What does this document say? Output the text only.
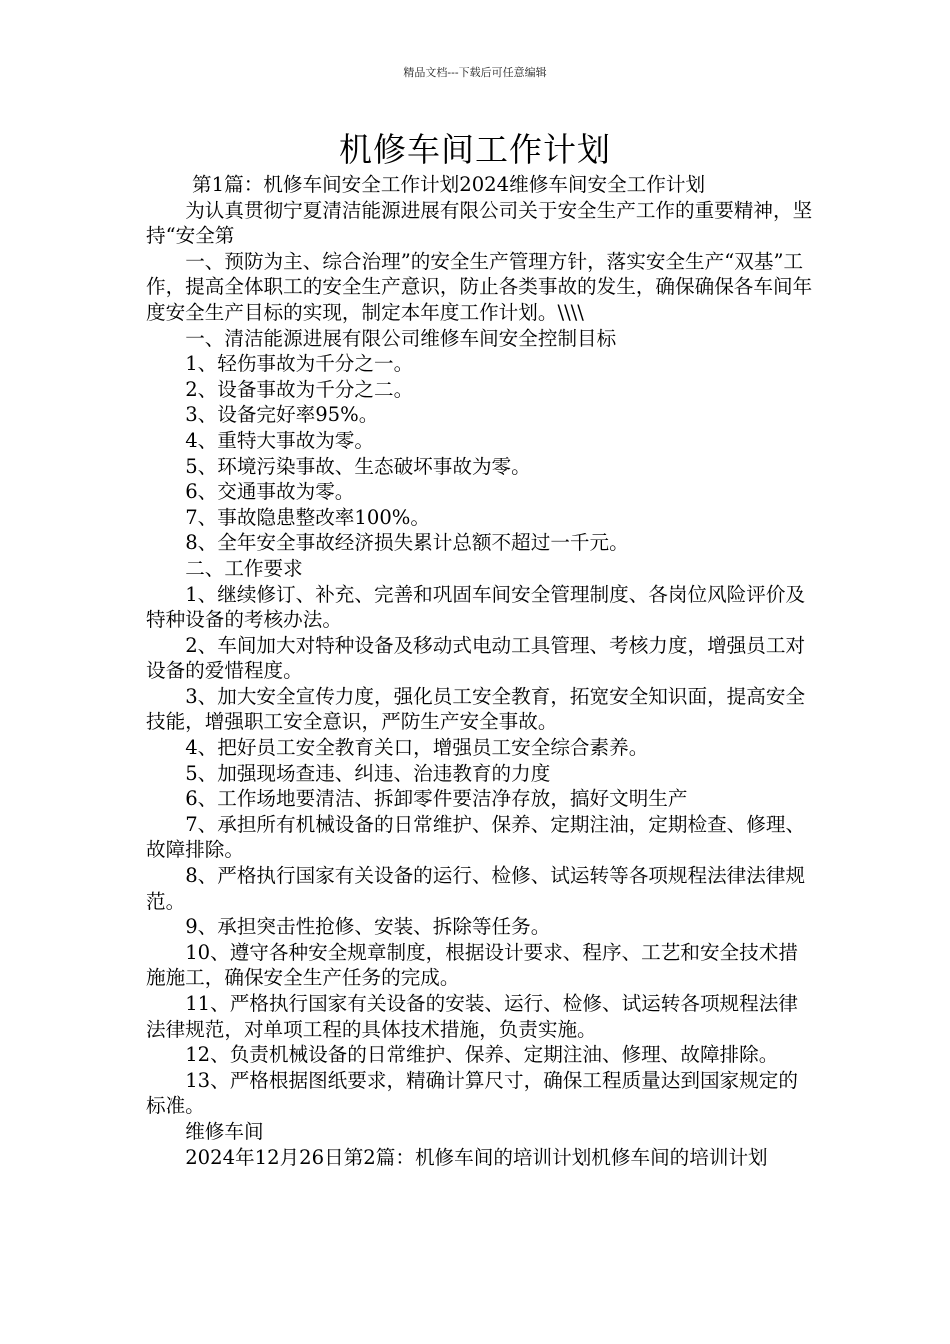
精品文档---下载后可任意编辑
机修车间工作计划

第1篇：机修车间安全工作计划2024维修车间安全工作计划

为认真贯彻宁夏清洁能源进展有限公司关于安全生产工作的重要精神，坚持“安全第

一、预防为主、综合治理”的安全生产管理方针，落实安全生产“双基”工作，提高全体职工的安全生产意识，防止各类事故的发生，确保确保各车间年度安全生产目标的实现，制定本年度工作计划。\\\\

一、清洁能源进展有限公司维修车间安全控制目标

1、轻伤事故为千分之一。

2、设备事故为千分之二。

3、设备完好率95%。

4、重特大事故为零。

5、环境污染事故、生态破坏事故为零。

6、交通事故为零。

7、事故隐患整改率100%。

8、全年安全事故经济损失累计总额不超过一千元。

二、工作要求

1、继续修订、补充、完善和巩固车间安全管理制度、各岗位风险评价及特种设备的考核办法。

2、车间加大对特种设备及移动式电动工具管理、考核力度，增强员工对设备的爱惜程度。

3、加大安全宣传力度，强化员工安全教育，拓宽安全知识面，提高安全技能，增强职工安全意识，严防生产安全事故。

4、把好员工安全教育关口，增强员工安全综合素养。

5、加强现场查违、纠违、治违教育的力度

6、工作场地要清洁、拆卸零件要洁净存放，搞好文明生产

7、承担所有机械设备的日常维护、保养、定期注油，定期检查、修理、故障排除。

8、严格执行国家有关设备的运行、检修、试运转等各项规程法律法律规范。

9、承担突击性抢修、安装、拆除等任务。

10、遵守各种安全规章制度，根据设计要求、程序、工艺和安全技术措施施工，确保安全生产任务的完成。

11、严格执行国家有关设备的安装、运行、检修、试运转各项规程法律法律规范，对单项工程的具体技术措施，负责实施。

12、负责机械设备的日常维护、保养、定期注油、修理、故障排除。

13、严格根据图纸要求，精确计算尺寸，确保工程质量达到国家规定的标准。

维修车间

2024年12月26日第2篇：机修车间的培训计划机修车间的培训计划
